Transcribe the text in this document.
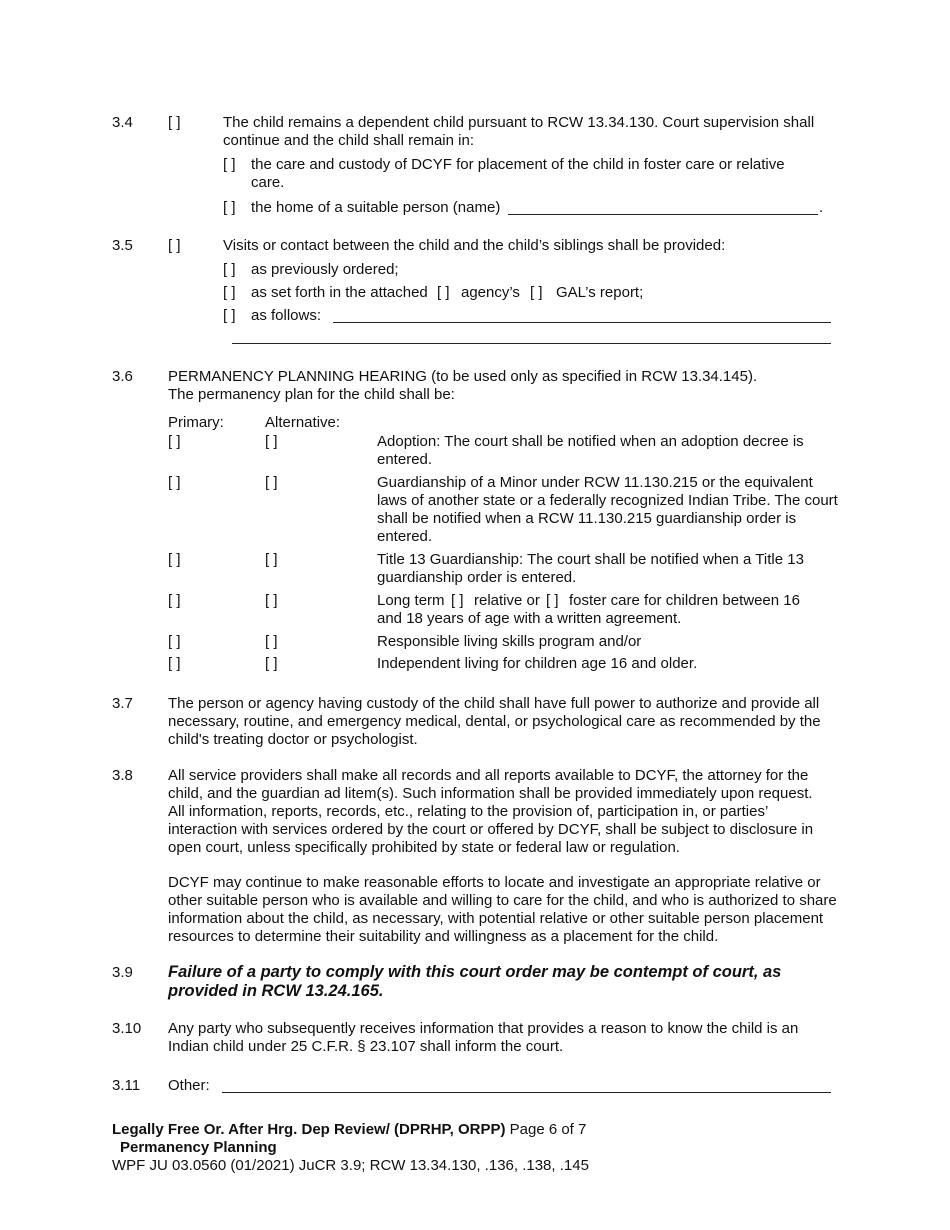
3.4 [ ]	The child remains a dependent child pursuant to RCW 13.34.130. Court supervision shall continue and the child shall remain in:

[ ] the care and custody of DCYF for placement of the child in foster care or relative care.

[ ] the home of a suitable person (name)	.
3.5 [ ]	Visits or contact between the child and the child’s siblings shall be provided:

[ ] as previously ordered;
[ ] as set forth in the attached [ ] agency’s [ ] GAL’s report;
[ ] as follows:
3.6 PERMANENCY PLANNING HEARING (to be used only as specified in RCW 13.34.145).

The permanency plan for the child shall be:

Primary:	Alternative:
[ ]	[ ]	Adoption: The court shall be notified when an adoption decree is entered.

[ ]	[ ]	Guardianship of a Minor under RCW 11.130.215 or the equivalent laws of another state or a federally recognized Indian Tribe. The court shall be notified when a RCW 11.130.215 guardianship order is entered.

[ ]	[ ]	Title 13 Guardianship: The court shall be notified when a Title 13 guardianship order is entered.

[ ]	[ ]	Long term [ ] relative or [ ] foster care for children between 16 and 18 years of age with a written agreement.

[ ]	[ ]	Responsible living skills program and/or

[ ]	[ ]	Independent living for children age 16 and older.

3.7 The person or agency having custody of the child shall have full power to authorize and provide all necessary, routine, and emergency medical, dental, or psychological care as recommended by the child's treating doctor or psychologist.

3.8 All service providers shall make all records and all reports available to DCYF, the attorney for the child, and the guardian ad litem(s). Such information shall be provided immediately upon request. All information, reports, records, etc., relating to the provision of, participation in, or parties’ interaction with services ordered by the court or offered by DCYF, shall be subject to disclosure in open court, unless specifically prohibited by state or federal law or regulation.

DCYF may continue to make reasonable efforts to locate and investigate an appropriate relative or other suitable person who is available and willing to care for the child, and who is authorized to share information about the child, as necessary, with potential relative or other suitable person placement resources to determine their suitability and willingness as a placement for the child.

3.9 Failure of a party to comply with this court order may be contempt of court, as provided in RCW 13.24.165.

3.10 Any party who subsequently receives information that provides a reason to know the child is an Indian child under 25 C.F.R. § 23.107 shall inform the court.

3.11 Other:
Legally Free Or. After Hrg. Dep Review/ (DPRHP, ORPP) Page 6 of 7
Permanency Planning
WPF JU 03.0560 (01/2021) JuCR 3.9; RCW 13.34.130, .136, .138, .145
